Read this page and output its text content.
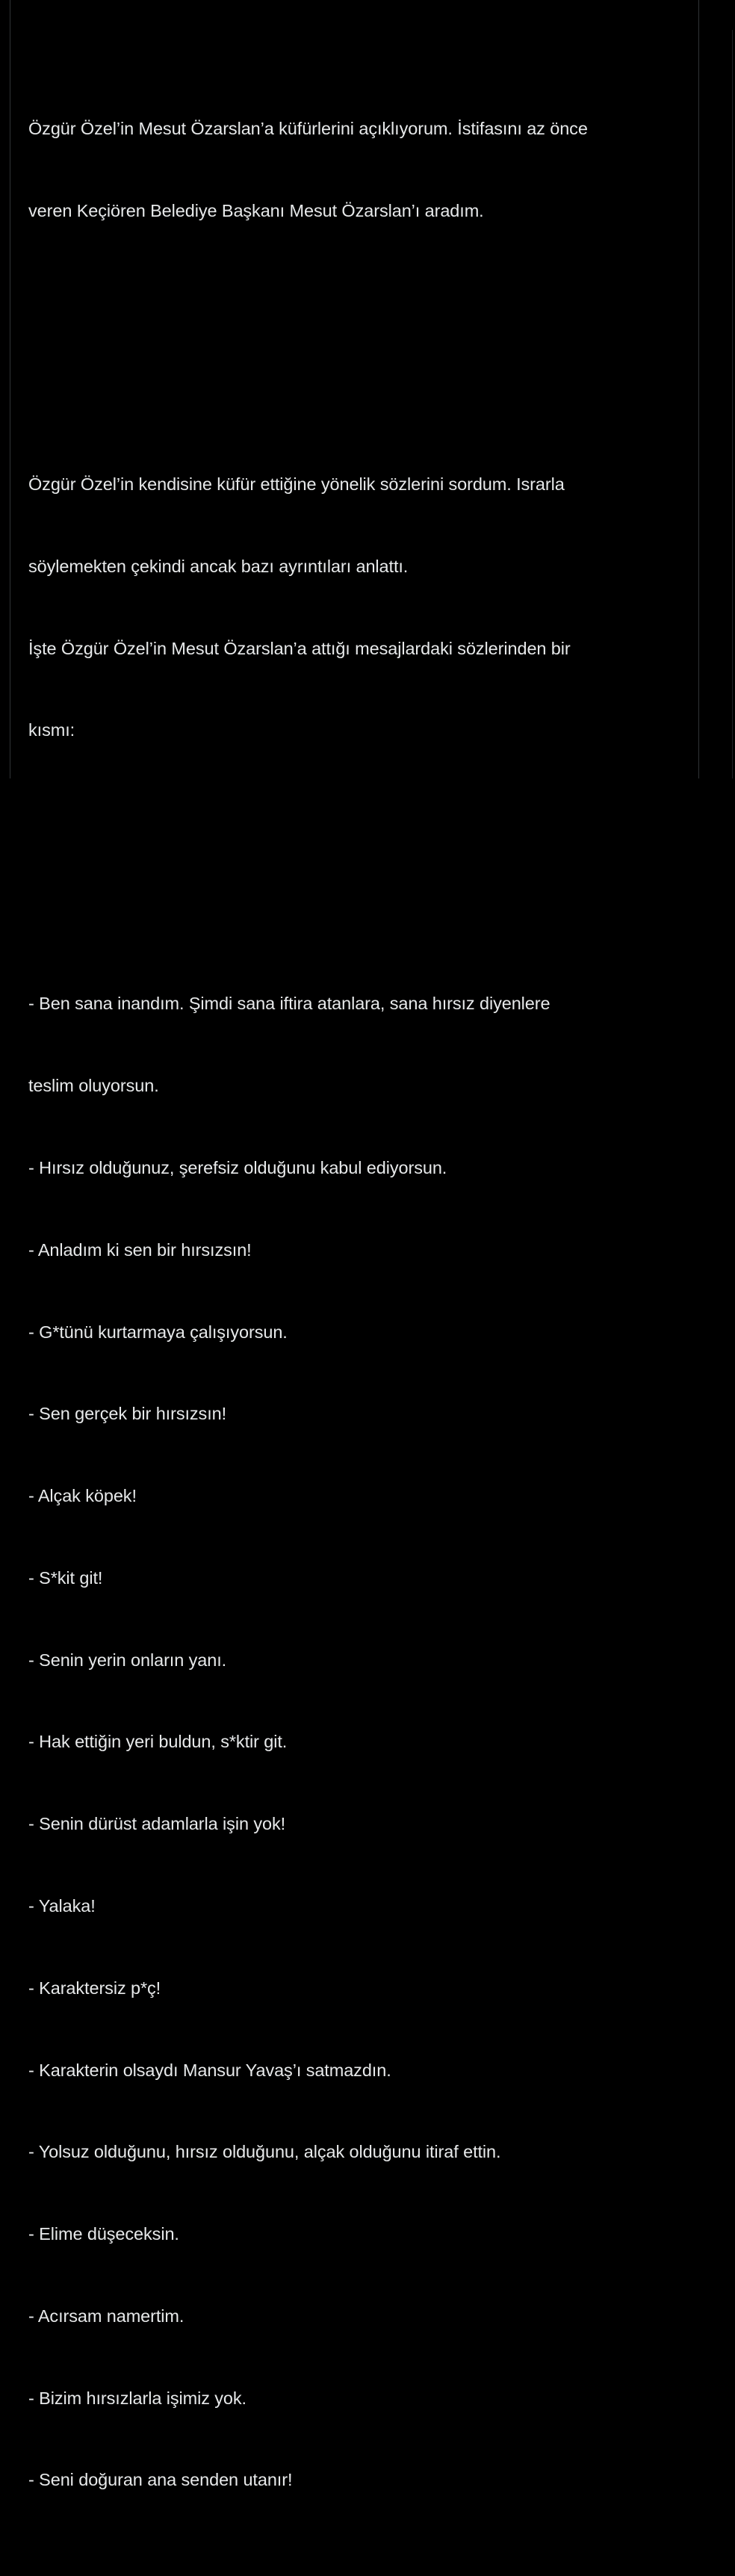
Özgür Özel’in Mesut Özarslan’a küfürlerini açıklıyorum. İstifasını az önce

veren Keçiören Belediye Başkanı Mesut Özarslan’ı aradım.

Özgür Özel’in kendisine küfür ettiğine yönelik sözlerini sordum. Israrla

söylemekten çekindi ancak bazı ayrıntıları anlattı.

İşte Özgür Özel’in Mesut Özarslan’a attığı mesajlardaki sözlerinden bir

kısmı:

- Ben sana inandım. Şimdi sana iftira atanlara, sana hırsız diyenlere

teslim oluyorsun.

- Hırsız olduğunuz, şerefsiz olduğunu kabul ediyorsun.

- Anladım ki sen bir hırsızsın!

- G*tünü kurtarmaya çalışıyorsun.

- Sen gerçek bir hırsızsın!

- Alçak köpek!

- S*kit git!

- Senin yerin onların yanı.

- Hak ettiğin yeri buldun, s*ktir git.

- Senin dürüst adamlarla işin yok!

- Yalaka!

- Karaktersiz p*ç!

- Karakterin olsaydı Mansur Yavaş’ı satmazdın.

- Yolsuz olduğunu, hırsız olduğunu, alçak olduğunu itiraf ettin.

- Elime düşeceksin.

- Acırsam namertim.

- Bizim hırsızlarla işimiz yok.

- Seni doğuran ana senden utanır!
